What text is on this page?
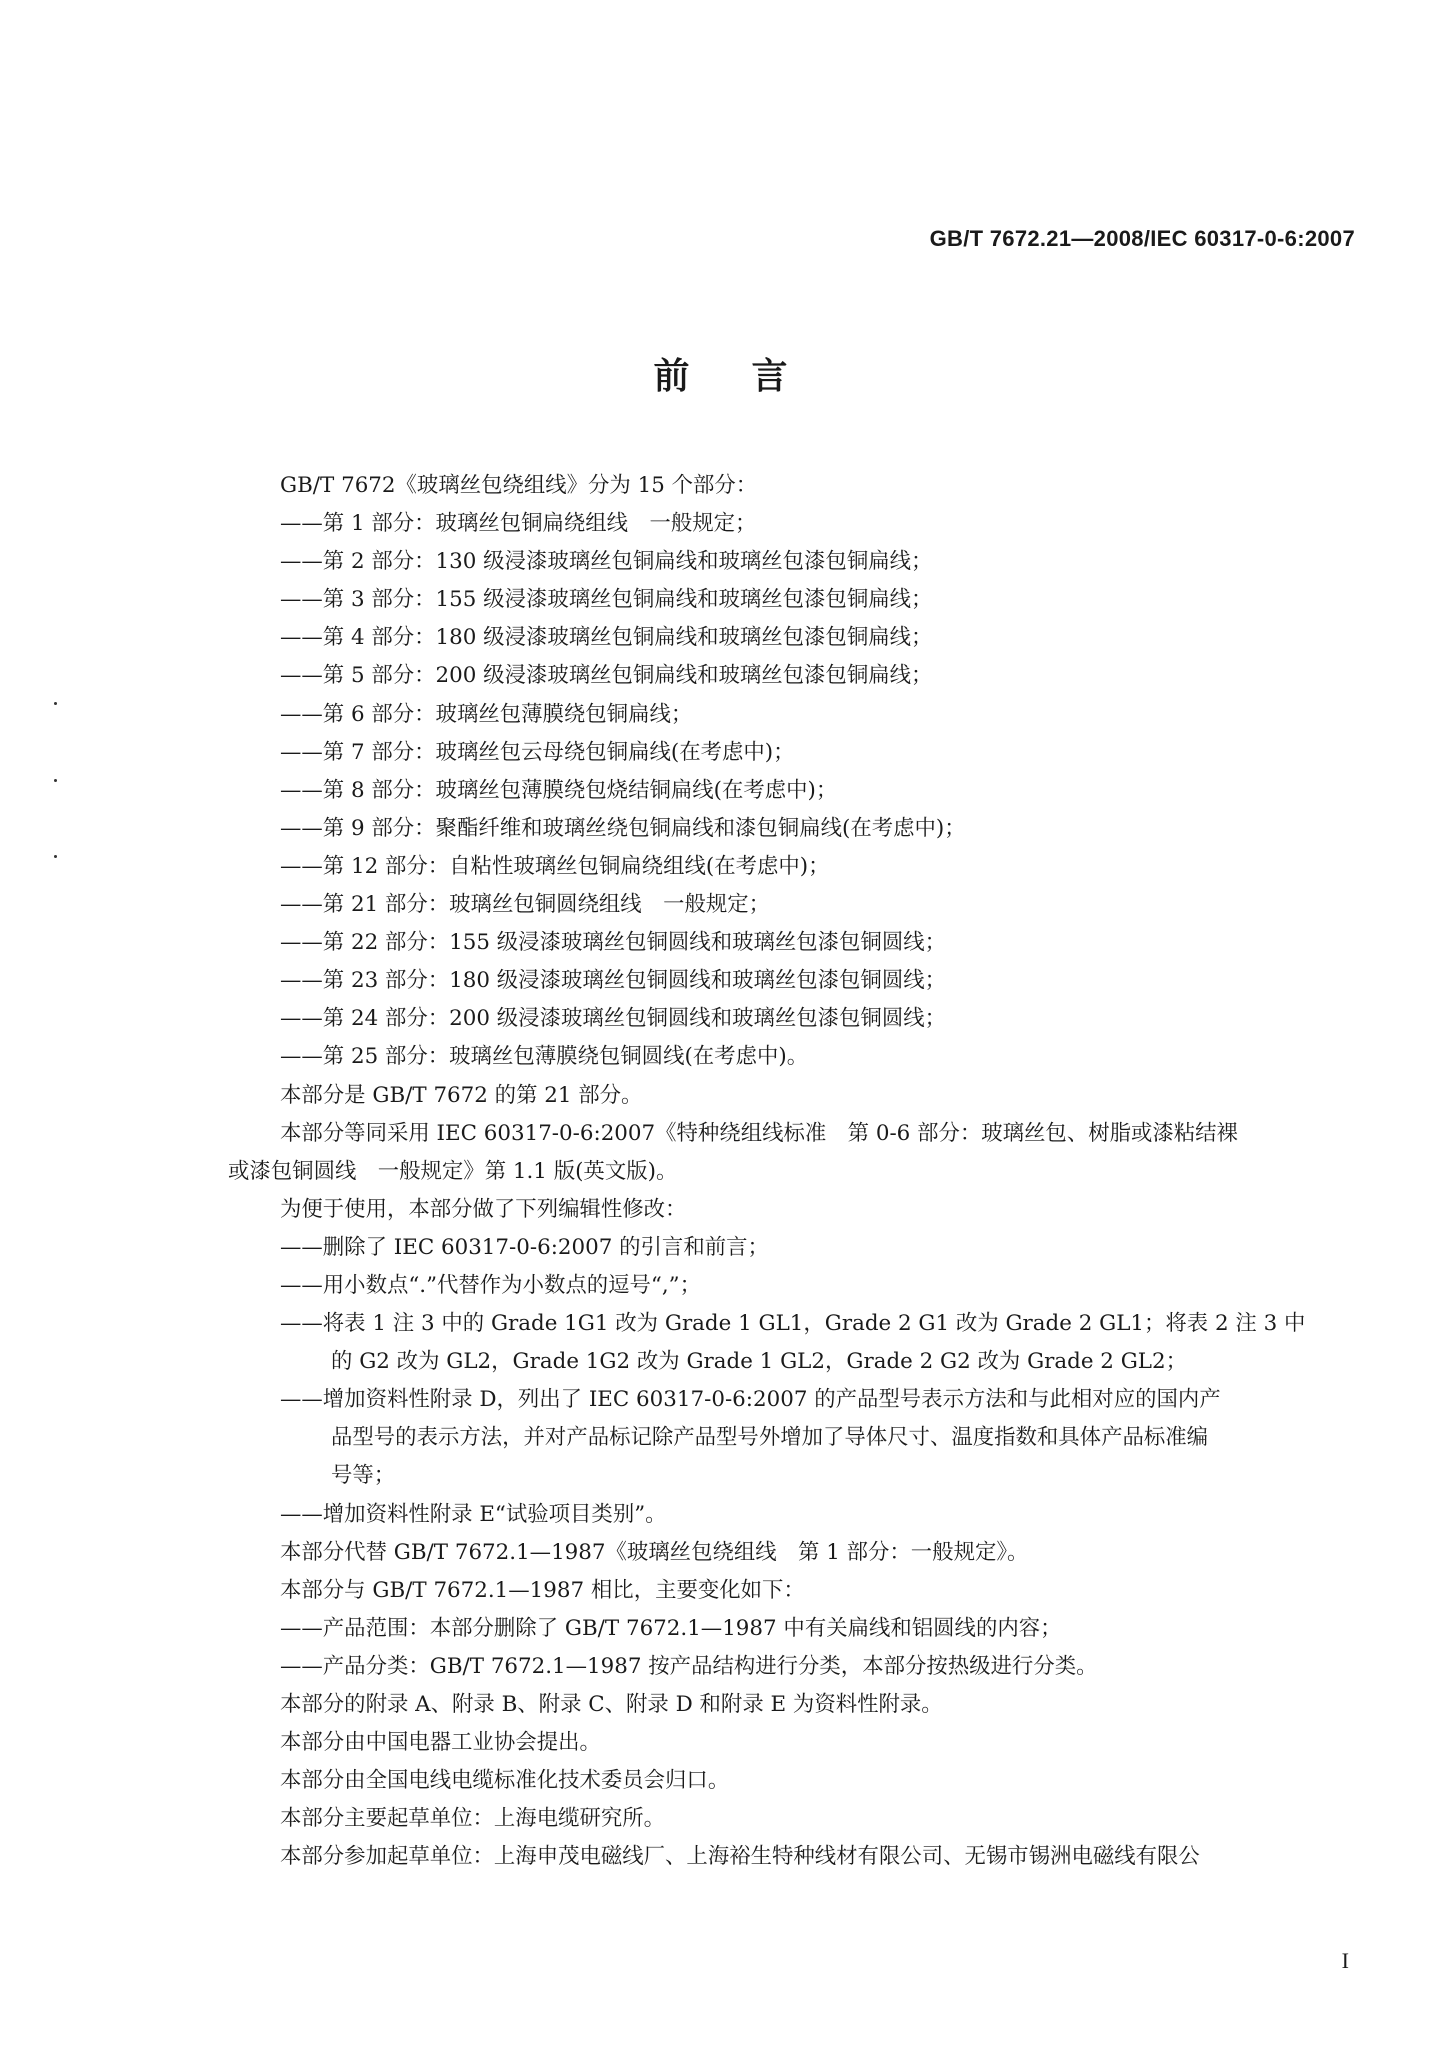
GB/T 7672.21—2008/IEC 60317-0-6:2007
前言
GB/T 7672《玻璃丝包绕组线》分为 15 个部分：
——第 1 部分：玻璃丝包铜扁绕组线　一般规定；
——第 2 部分：130 级浸漆玻璃丝包铜扁线和玻璃丝包漆包铜扁线；
——第 3 部分：155 级浸漆玻璃丝包铜扁线和玻璃丝包漆包铜扁线；
——第 4 部分：180 级浸漆玻璃丝包铜扁线和玻璃丝包漆包铜扁线；
——第 5 部分：200 级浸漆玻璃丝包铜扁线和玻璃丝包漆包铜扁线；
——第 6 部分：玻璃丝包薄膜绕包铜扁线；
——第 7 部分：玻璃丝包云母绕包铜扁线(在考虑中)；
——第 8 部分：玻璃丝包薄膜绕包烧结铜扁线(在考虑中)；
——第 9 部分：聚酯纤维和玻璃丝绕包铜扁线和漆包铜扁线(在考虑中)；
——第 12 部分：自粘性玻璃丝包铜扁绕组线(在考虑中)；
——第 21 部分：玻璃丝包铜圆绕组线　一般规定；
——第 22 部分：155 级浸漆玻璃丝包铜圆线和玻璃丝包漆包铜圆线；
——第 23 部分：180 级浸漆玻璃丝包铜圆线和玻璃丝包漆包铜圆线；
——第 24 部分：200 级浸漆玻璃丝包铜圆线和玻璃丝包漆包铜圆线；
——第 25 部分：玻璃丝包薄膜绕包铜圆线(在考虑中)。
本部分是 GB/T 7672 的第 21 部分。
本部分等同采用 IEC 60317-0-6:2007《特种绕组线标准　第 0-6 部分：玻璃丝包、树脂或漆粘结裸
或漆包铜圆线　一般规定》第 1.1 版(英文版)。
为便于使用，本部分做了下列编辑性修改：
——删除了 IEC 60317-0-6:2007 的引言和前言；
——用小数点“.”代替作为小数点的逗号“,”；
——将表 1 注 3 中的 Grade 1G1 改为 Grade 1 GL1，Grade 2 G1 改为 Grade 2 GL1；将表 2 注 3 中
的 G2 改为 GL2，Grade 1G2 改为 Grade 1 GL2，Grade 2 G2 改为 Grade 2 GL2；
——增加资料性附录 D，列出了 IEC 60317-0-6:2007 的产品型号表示方法和与此相对应的国内产
品型号的表示方法，并对产品标记除产品型号外增加了导体尺寸、温度指数和具体产品标准编
号等；
——增加资料性附录 E“试验项目类别”。
本部分代替 GB/T 7672.1—1987《玻璃丝包绕组线　第 1 部分：一般规定》。
本部分与 GB/T 7672.1—1987 相比，主要变化如下：
——产品范围：本部分删除了 GB/T 7672.1—1987 中有关扁线和铝圆线的内容；
——产品分类：GB/T 7672.1—1987 按产品结构进行分类，本部分按热级进行分类。
本部分的附录 A、附录 B、附录 C、附录 D 和附录 E 为资料性附录。
本部分由中国电器工业协会提出。
本部分由全国电线电缆标准化技术委员会归口。
本部分主要起草单位：上海电缆研究所。
本部分参加起草单位：上海申茂电磁线厂、上海裕生特种线材有限公司、无锡市锡洲电磁线有限公
I
